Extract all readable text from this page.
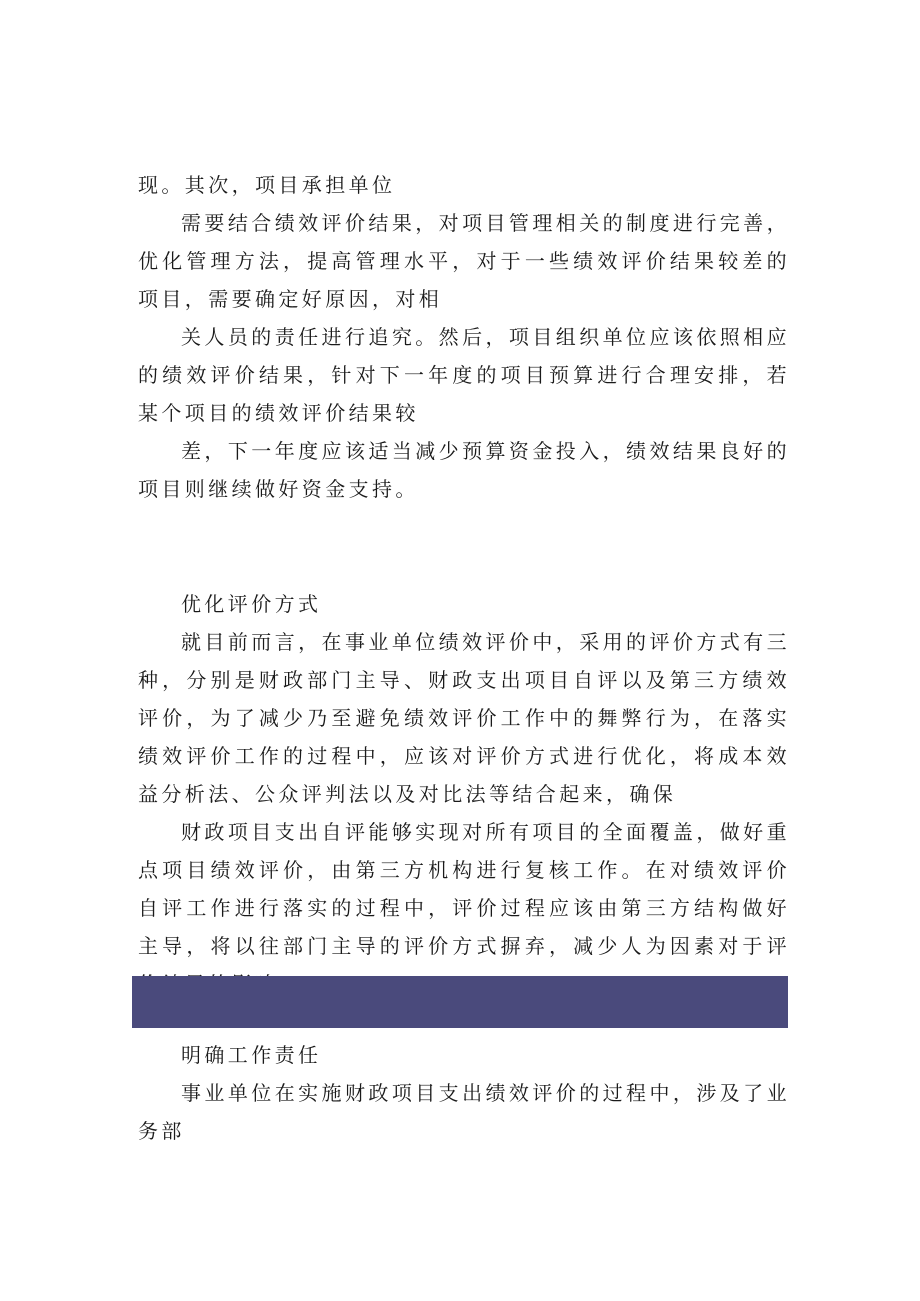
现。其次，项目承担单位

需要结合绩效评价结果，对项目管理相关的制度进行完善，优化管理方法，提高管理水平，对于一些绩效评价结果较差的项目，需要确定好原因，对相

关人员的责任进行追究。然后，项目组织单位应该依照相应的绩效评价结果，针对下一年度的项目预算进行合理安排，若某个项目的绩效评价结果较

差，下一年度应该适当减少预算资金投入，绩效结果良好的项目则继续做好资金支持。

优化评价方式

就目前而言，在事业单位绩效评价中，采用的评价方式有三种，分别是财政部门主导、财政支出项目自评以及第三方绩效评价，为了减少乃至避免绩效评价工作中的舞弊行为，在落实绩效评价工作的过程中，应该对评价方式进行优化，将成本效益分析法、公众评判法以及对比法等结合起来，确保

财政项目支出自评能够实现对所有项目的全面覆盖，做好重点项目绩效评价，由第三方机构进行复核工作。在对绩效评价自评工作进行落实的过程中，评价过程应该由第三方结构做好主导，将以往部门主导的评价方式摒弃，减少人为因素对于评

明确工作责任

事业单位在实施财政项目支出绩效评价的过程中，涉及了业务部
